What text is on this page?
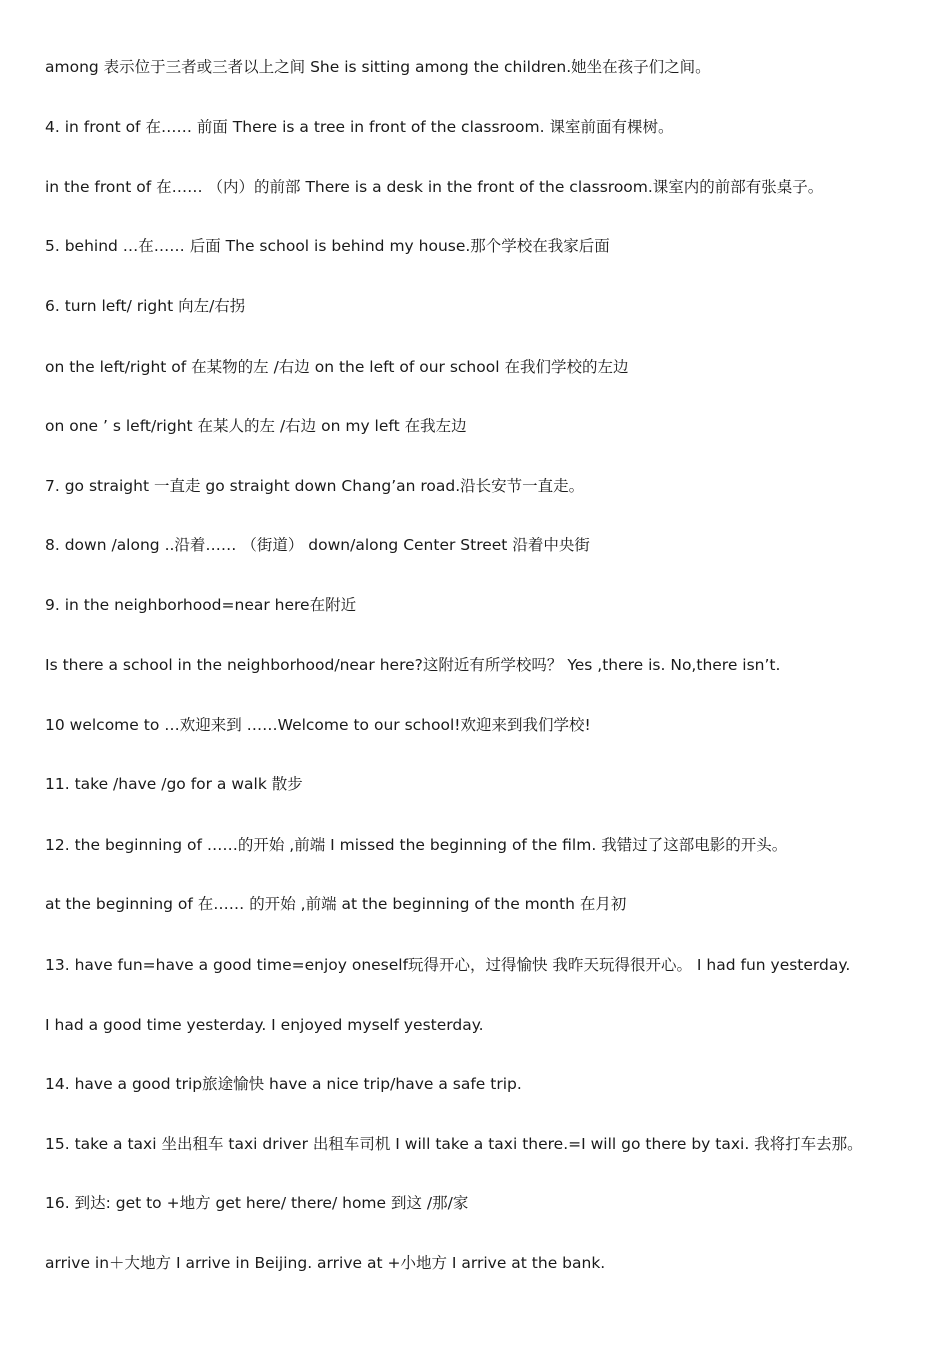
among 表示位于三者或三者以上之间 She is sitting among the children.她坐在孩子们之间。
4. in front of 在…… 前面 There is a tree in front of the classroom. 课室前面有棵树。
in the front of 在…… （内）的前部 There is a desk in the front of the classroom.课室内的前部有张桌子。
5. behind …在…… 后面 The school is behind my house.那个学校在我家后面
6. turn left/ right 向左/右拐
on the left/right of 在某物的左 /右边 on the left of our school 在我们学校的左边
on one ’ s left/right 在某人的左 /右边 on my left 在我左边
7. go straight 一直走 go straight down Chang’an road.沿长安节一直走。
8. down /along ..沿着…… （街道） down/along Center Street 沿着中央街
9. in the neighborhood=near here在附近
Is there a school in the neighborhood/near here?这附近有所学校吗？ Yes ,there is. No,there isn’t.
10 welcome to …欢迎来到 ……Welcome to our school!欢迎来到我们学校!
11. take /have /go for a walk 散步
12. the beginning of ……的开始 ,前端 I missed the beginning of the film. 我错过了这部电影的开头。
at the beginning of 在…… 的开始 ,前端 at the beginning of the month 在月初
13. have fun=have a good time=enjoy oneself玩得开心，过得愉快 我昨天玩得很开心。 I had fun yesterday.
I had a good time yesterday. I enjoyed myself yesterday.
14. have a good trip旅途愉快 have a nice trip/have a safe trip.
15. take a taxi 坐出租车 taxi driver 出租车司机 I will take a taxi there.=I will go there by taxi. 我将打车去那。
16. 到达: get to +地方 get here/ there/ home 到这 /那/家
arrive in＋大地方 I arrive in Beijing. arrive at +小地方 I arrive at the bank.
